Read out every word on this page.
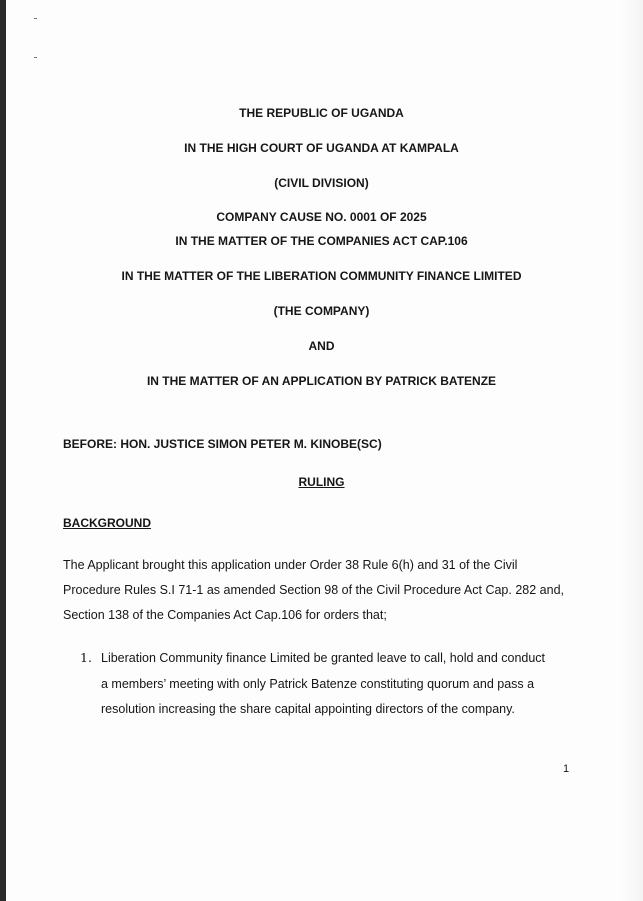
THE REPUBLIC OF UGANDA
IN THE HIGH COURT OF UGANDA AT KAMPALA
(CIVIL DIVISION)
COMPANY CAUSE NO. 0001 OF 2025
IN THE MATTER OF THE COMPANIES ACT CAP.106
IN THE MATTER OF THE LIBERATION COMMUNITY FINANCE LIMITED
(THE COMPANY)
AND
IN THE MATTER OF AN APPLICATION BY PATRICK BATENZE
BEFORE: HON. JUSTICE SIMON PETER M. KINOBE(SC)
RULING
BACKGROUND
The Applicant brought this application under Order 38 Rule 6(h) and 31 of the Civil
Procedure Rules S.I 71-1 as amended Section 98 of the Civil Procedure Act Cap. 282 and,
Section 138 of the Companies Act Cap.106 for orders that;
1. Liberation Community finance Limited be granted leave to call, hold and conduct
a members’ meeting with only Patrick Batenze constituting quorum and pass a
resolution increasing the share capital appointing directors of the company.
1
